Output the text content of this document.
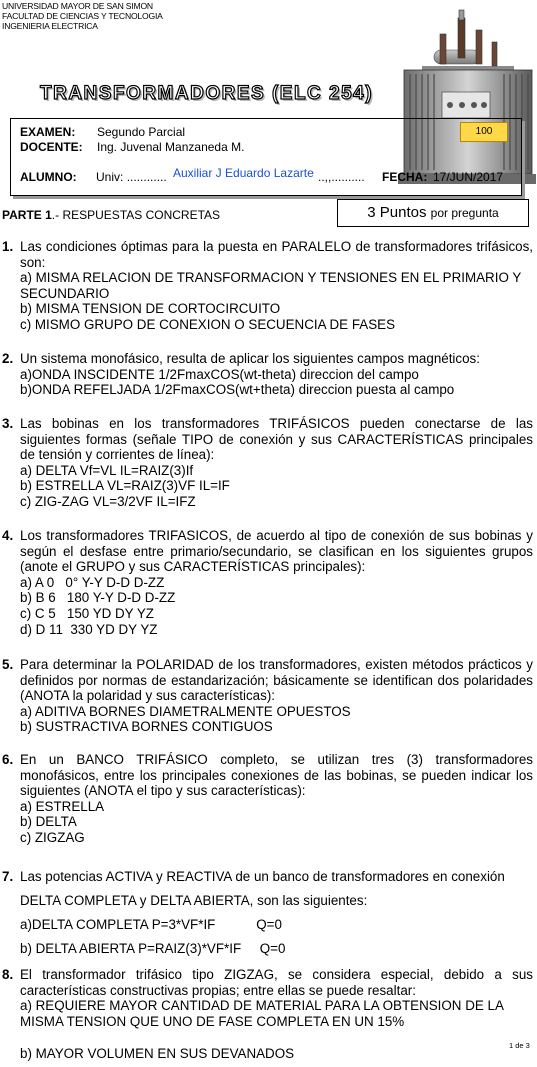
UNIVERSIDAD MAYOR DE SAN SIMON
FACULTAD DE CIENCIAS Y TECNOLOGIA
INGENIERIA ELECTRICA
TRANSFORMADORES (ELC 254)
EXAMEN: Segundo Parcial
DOCENTE: Ing. Juvenal Manzaneda M.
100
ALUMNO: Univ: ............ Auxiliar J Eduardo Lazarte ..,,.......... FECHA: 17/JUN/2017
PARTE 1.- RESPUESTAS CONCRETAS	3 Puntos por pregunta
1. Las condiciones óptimas para la puesta en PARALELO de transformadores trifásicos, son:
a) MISMA RELACION DE TRANSFORMACION Y TENSIONES EN EL PRIMARIO Y SECUNDARIO
b) MISMA TENSION DE CORTOCIRCUITO
c) MISMO GRUPO DE CONEXION O SECUENCIA DE FASES
2. Un sistema monofásico, resulta de aplicar los siguientes campos magnéticos:
a)ONDA INSCIDENTE 1/2FmaxCOS(wt-theta) direccion del campo
b)ONDA REFELJADA 1/2FmaxCOS(wt+theta) direccion puesta al campo
3. Las bobinas en los transformadores TRIFÁSICOS pueden conectarse de las siguientes formas (señale TIPO de conexión y sus CARACTERÍSTICAS principales de tensión y corrientes de línea):
a) DELTA Vf=VL IL=RAIZ(3)If
b) ESTRELLA VL=RAIZ(3)VF IL=IF
c) ZIG-ZAG VL=3/2VF IL=IFZ
4. Los transformadores TRIFASICOS, de acuerdo al tipo de conexión de sus bobinas y según el desfase entre primario/secundario, se clasifican en los siguientes grupos (anote el GRUPO y sus CARACTERÍSTICAS principales):
a) A 0   0° Y-Y D-D D-ZZ
b) B 6   180 Y-Y D-D D-ZZ
c) C 5   150 YD DY YZ
d) D 11  330 YD DY YZ
5. Para determinar la POLARIDAD de los transformadores, existen métodos prácticos y definidos por normas de estandarización; básicamente se identifican dos polaridades (ANOTA la polaridad y sus características):
a) ADITIVA BORNES DIAMETRALMENTE OPUESTOS
b) SUSTRACTIVA BORNES CONTIGUOS
6. En un BANCO TRIFÁSICO completo, se utilizan tres (3) transformadores monofásicos, entre los principales conexiones de las bobinas, se pueden indicar los siguientes (ANOTA el tipo y sus características):
a) ESTRELLA
b) DELTA
c) ZIGZAG
7. Las potencias ACTIVA y REACTIVA de un banco de transformadores en conexión
DELTA COMPLETA y DELTA ABIERTA, son las siguientes:
a)DELTA COMPLETA P=3*VF*IF           Q=0
b) DELTA ABIERTA P=RAIZ(3)*VF*IF     Q=0
8. El transformador trifásico tipo ZIGZAG, se considera especial, debido a sus características constructivas propias; entre ellas se puede resaltar:
a) REQUIERE MAYOR CANTIDAD DE MATERIAL PARA LA OBTENSION DE LA MISMA TENSION QUE UNO DE FASE COMPLETA EN UN 15%
b) MAYOR VOLUMEN EN SUS DEVANADOS
1 de 3
